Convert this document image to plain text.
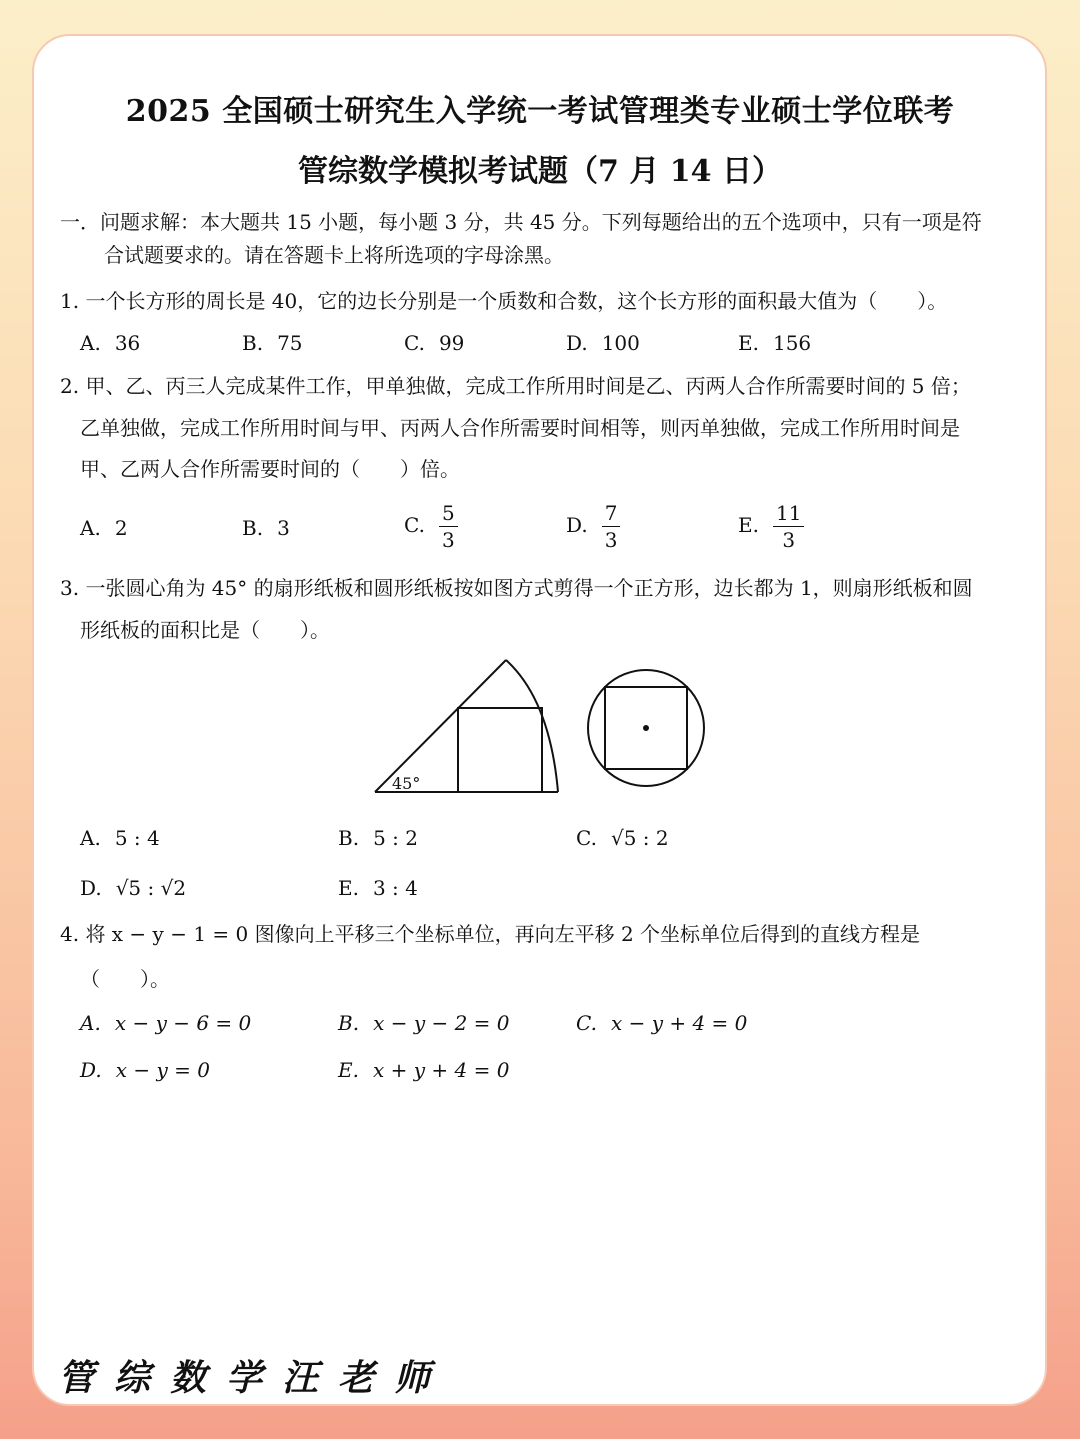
2025 全国硕士研究生入学统一考试管理类专业硕士学位联考
管综数学模拟考试题（7 月 14 日）
一．问题求解：本大题共 15 小题，每小题 3 分，共 45 分。下列每题给出的五个选项中，只有一项是符
合试题要求的。请在答题卡上将所选项的字母涂黑。
1. 一个长方形的周长是 40，它的边长分别是一个质数和合数，这个长方形的面积最大值为（　　）。
A. 36	B. 75	C. 99	D. 100	E. 156
2. 甲、乙、丙三人完成某件工作，甲单独做，完成工作所用时间是乙、丙两人合作所需要时间的 5 倍；
乙单独做，完成工作所用时间与甲、丙两人合作所需要时间相等，则丙单独做，完成工作所用时间是
甲、乙两人合作所需要时间的（　　）倍。
A. 2	B. 3	C. $\frac{5}{3}$	D. $\frac{7}{3}$	E. $\frac{11}{3}$
3. 一张圆心角为 45° 的扇形纸板和圆形纸板按如图方式剪得一个正方形，边长都为 1，则扇形纸板和圆
形纸板的面积比是（　　）。
45°
A. 5 : 4	B. 5 : 2	C. √5 : 2
D. √5 : √2	E. 3 : 4
4. 将 x − y − 1 = 0 图像向上平移三个坐标单位，再向左平移 2 个坐标单位后得到的直线方程是
（　　）。
A. x − y − 6 = 0	B. x − y − 2 = 0	C. x − y + 4 = 0
D. x − y = 0	E. x + y + 4 = 0
管综数学汪老师
